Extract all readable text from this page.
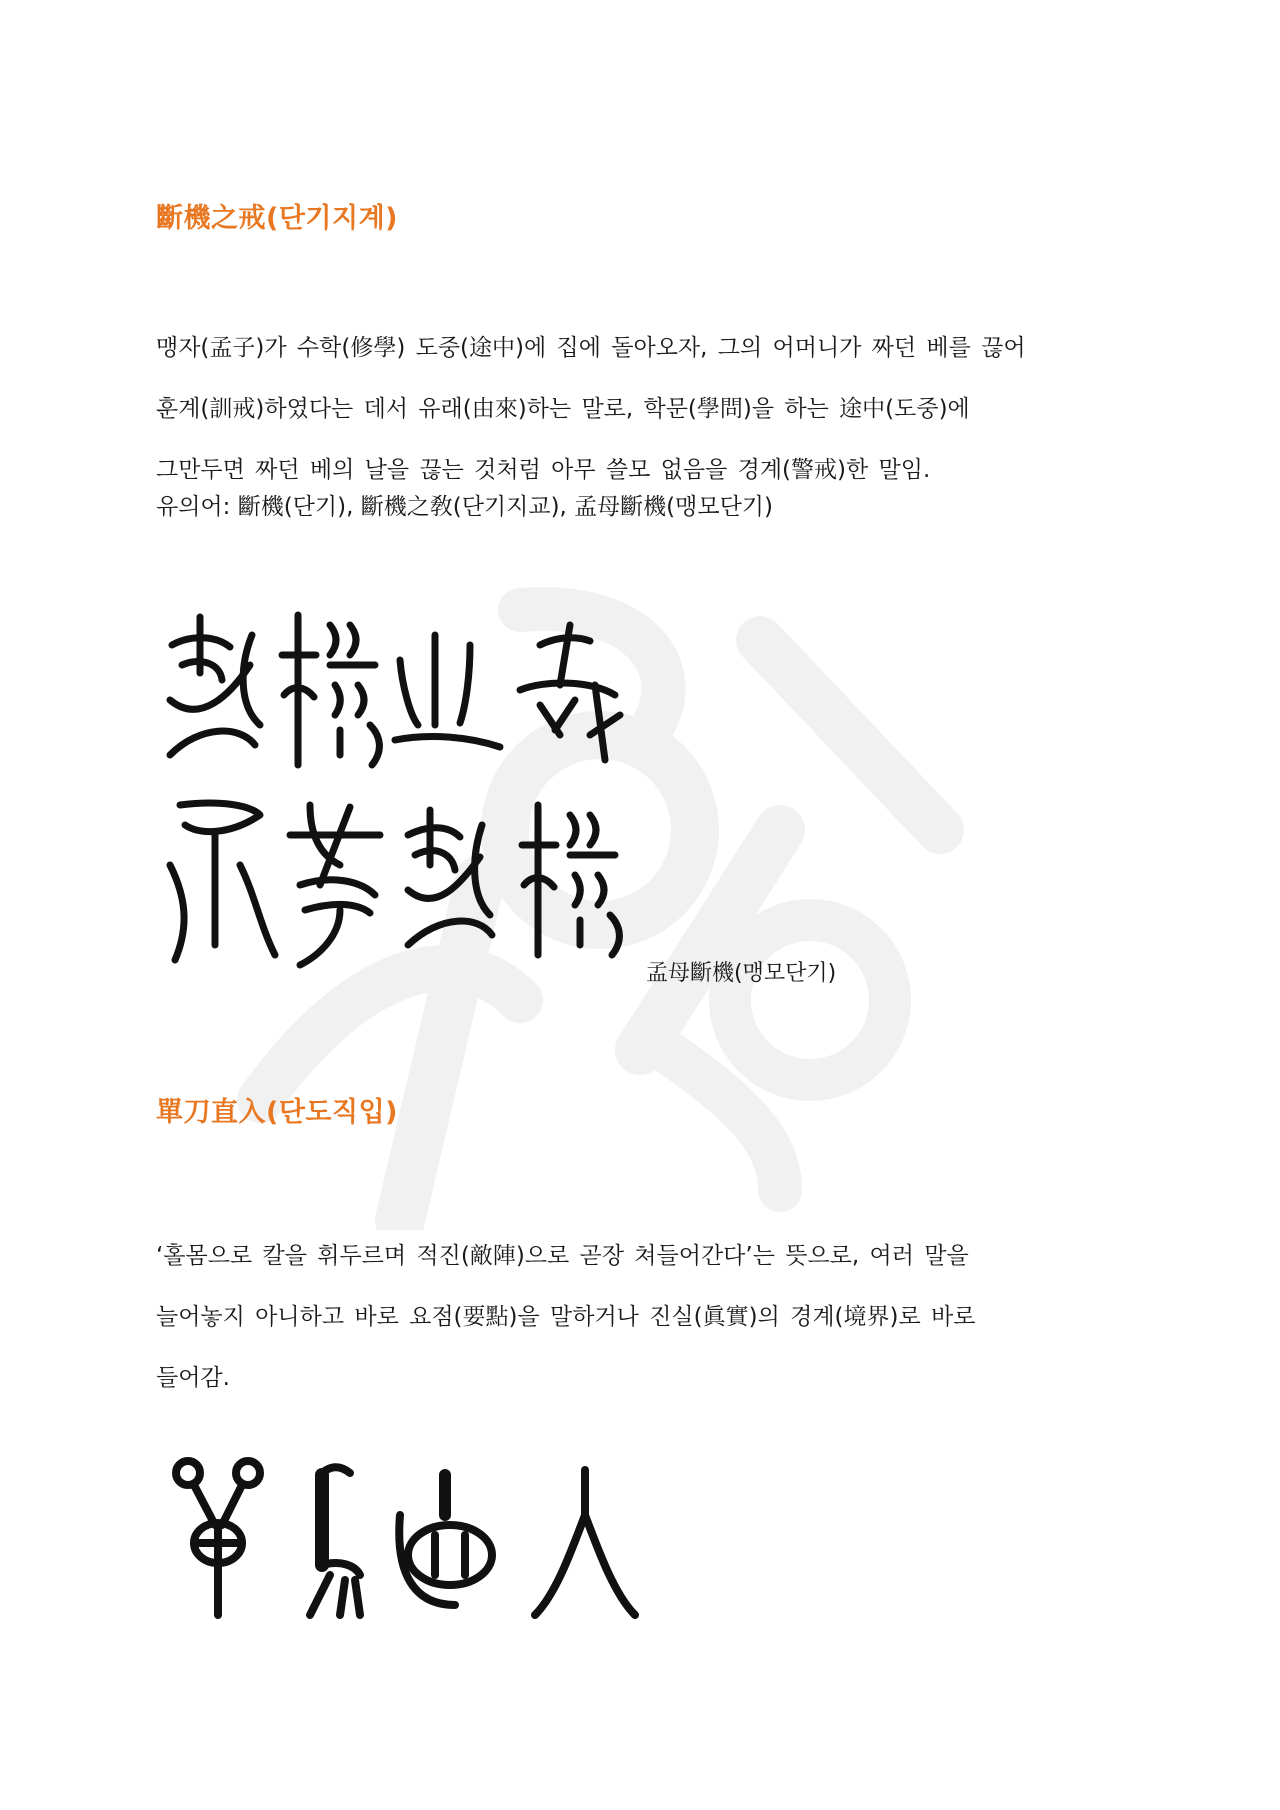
斷機之戒(단기지계)

맹자(孟子)가 수학(修學) 도중(途中)에 집에 돌아오자, 그의 어머니가 짜던 베를 끊어
훈계(訓戒)하였다는 데서 유래(由來)하는 말로, 학문(學問)을 하는 途中(도중)에
그만두면 짜던 베의 날을 끊는 것처럼 아무 쓸모 없음을 경계(警戒)한 말임.

유의어: 斷機(단기), 斷機之敎(단기지교), 孟母斷機(맹모단기)

孟母斷機(맹모단기)

單刀直入(단도직입)

‘홀몸으로 칼을 휘두르며 적진(敵陣)으로 곧장 쳐들어간다’는 뜻으로, 여러 말을
늘어놓지 아니하고 바로 요점(要點)을 말하거나 진실(眞實)의 경계(境界)로 바로
들어감.
